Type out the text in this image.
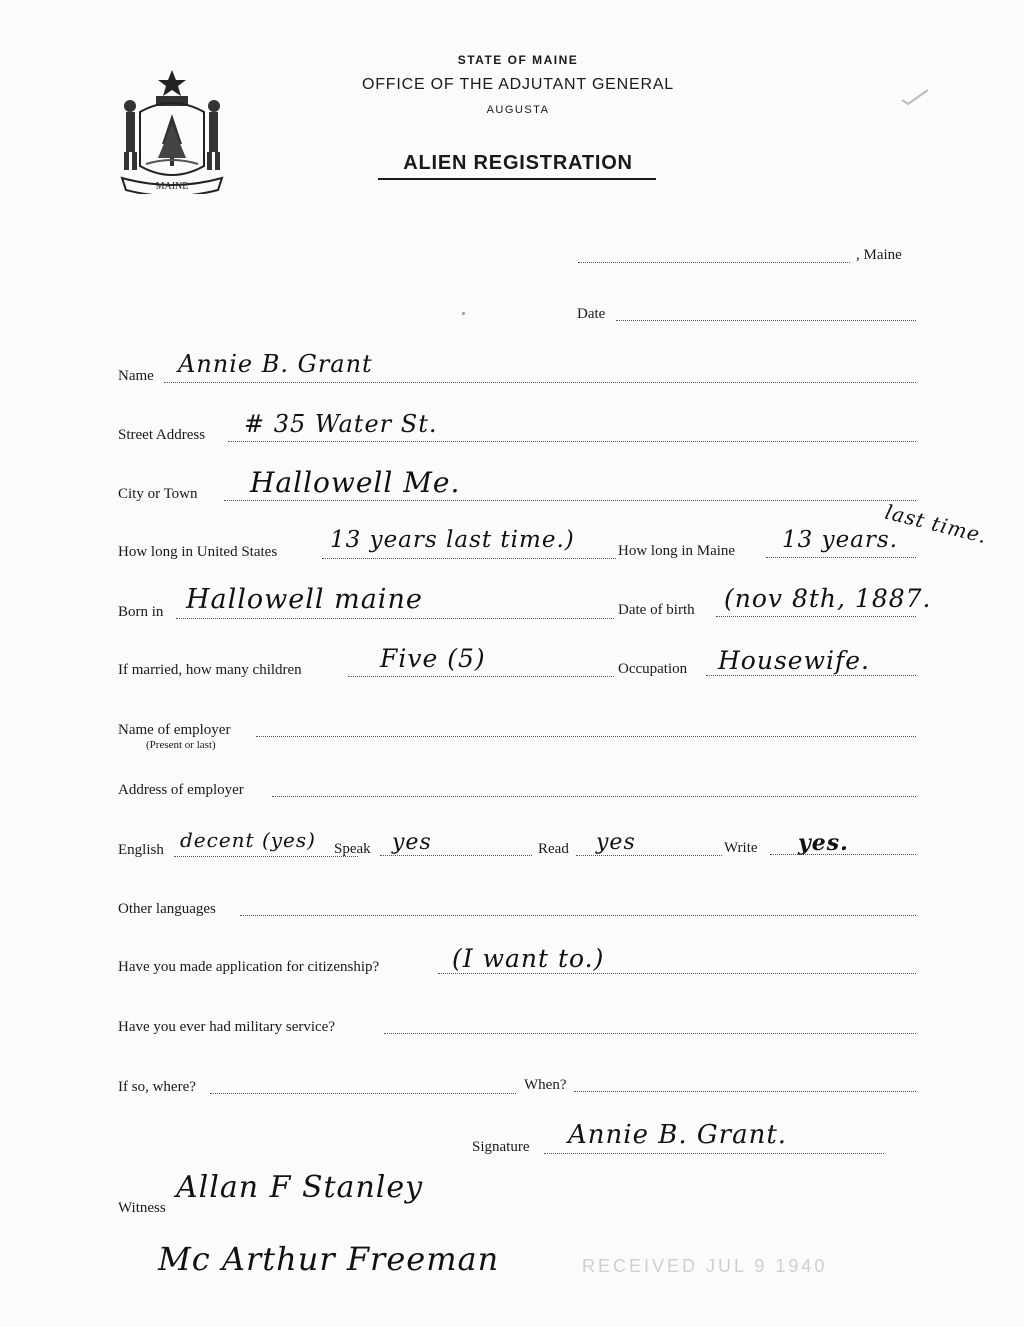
MAINE
STATE OF MAINE
OFFICE OF THE ADJUTANT GENERAL
AUGUSTA
ALIEN REGISTRATION
, Maine
Date
Name Annie B. Grant
Street Address # 35 Water St.
City or Town Hallowell Me.
How long in United States 13 years last time.)	How long in Maine 13 years.
last time.
Born in Hallowell maine	Date of birth (nov 8th, 1887.
If married, how many children	Five (5)	Occupation Housewife.
Name of employer
(Present or last)
Address of employer
English decent (yes) Speak yes	Read yes	Write yes.
Other languages
Have you made application for citizenship?	(I want to.)
Have you ever had military service?
If so, where?	When?
Signature Annie B. Grant.
Witness
Allan F Stanley
Mc Arthur Freeman	RECEIVED JUL 9 1940
